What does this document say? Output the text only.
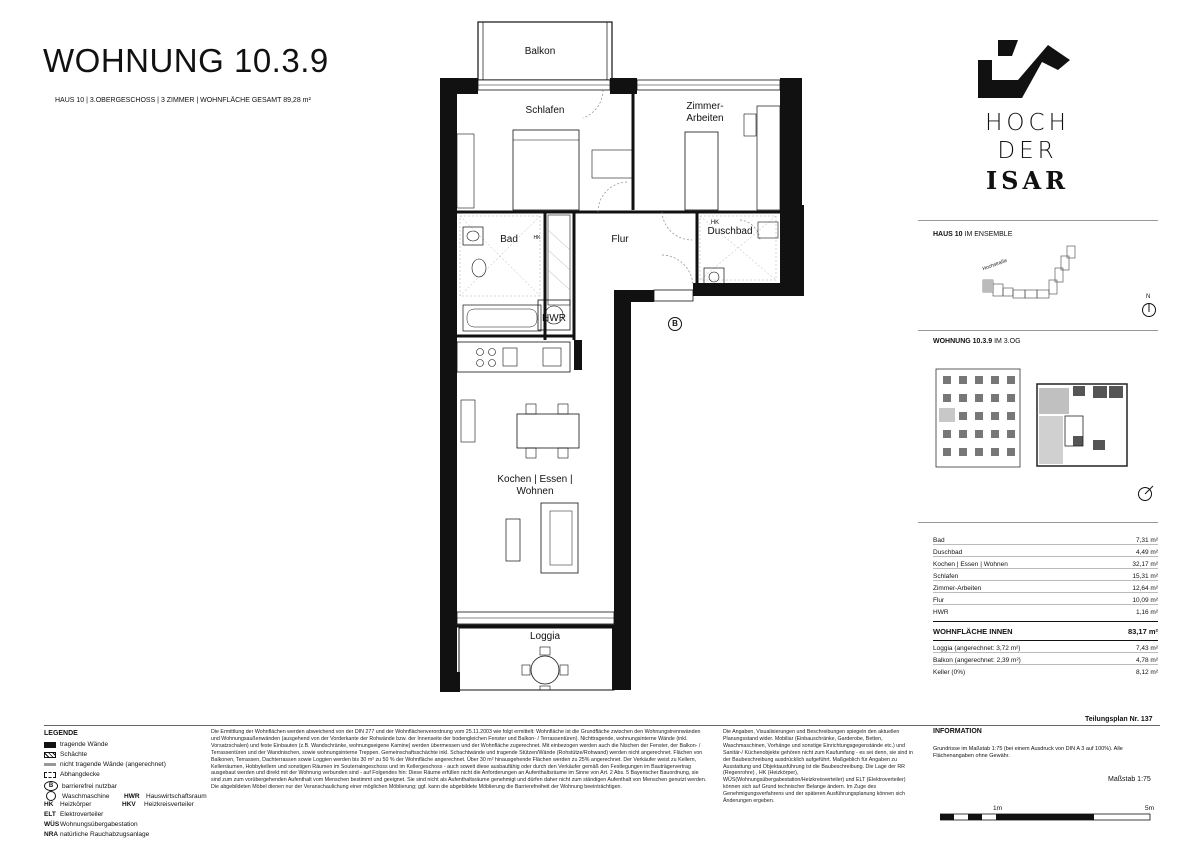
WOHNUNG 10.3.9
HAUS 10 | 3.OBERGESCHOSS | 3 ZIMMER | WOHNFLÄCHE GESAMT 89,28 m²
Balkon
Schlafen	Zimmer-
Arbeiten
Bad	Flur
Duschbad
HWR
HK
HK
B
Kochen | Essen |
Wohnen
Loggia
HOCH
DER
ISAR
HAUS 10 IM ENSEMBLE
Hochstraße
N
WOHNUNG 10.3.9 IM 3.OG
Bad	7,31 m²
Duschbad	4,49 m²
Kochen | Essen | Wohnen	32,17 m²
Schlafen	15,31 m²
Zimmer-Arbeiten	12,64 m²
Flur	10,09 m²
HWR	1,16 m²
WOHNFLÄCHE INNEN	83,17 m²
Loggia (angerechnet: 3,72 m²)	7,43 m²
Balkon (angerechnet: 2,39 m²)	4,78 m²
Keller (0%)	8,12 m²
Teilungsplan Nr. 137
LEGENDE
tragende Wände
Schächte
nicht tragende Wände (angerechnet)
Abhangdecke
B	barrierefrei nutzbar
Waschmaschine	HWR Hauswirtschaftsraum
HK	Heizkörper	HKV	Heizkreisverteiler
ELT Elektroverteiler
WÜS Wohnungsübergabestation
NRA natürliche Rauchabzugsanlage
Die Ermittlung der Wohnflächen werden abweichend von der DIN 277 und der Wohnflächenverordnung vom 25.11.2003 wie folgt ermittelt: Wohnfläche ist die Grundfläche zwischen den Wohnungstrennwänden und Wohnungsaußenwänden (ausgehend von der Vorderkante der Rohwände bzw. der Innenseite der bodengleichen Fenster und Balkon- / Terrassentüren). Nichttragende, wohnungsinterne Wände (inkl. Vorsatzschalen) und feste Einbauten (z.B. Wandschränke, wohnungseigene Kamine) werden übermessen und der Wohnfläche zugerechnet. Mit einbezogen werden auch die Nischen der Fenster, der Balkon- / Terrassentüren und der Wandnischen, sowie wohnungsinterne Treppen. Gemeinschaftsschächte inkl. Schachtwände und tragende Stützen/Wände (Rohstütze/Rohwand) werden nicht angerechnet. Flächen von Balkonen, Terrassen, Dachterrassen sowie Loggien werden bis 30 m² zu 50 % der Wohnfläche angerechnet. Über 30 m² hinausgehende Flächen werden zu 25% angerechnet. Der Verkäufer weist zu Kellern, Kellerräumen, Hobbykellern und sonstigen Räumen im Souterraingeschoss und im Kellergeschoss - auch soweit diese ausbaufähig oder durch den Verkäufer gemäß den Festlegungen im Bauträgervertrag ausgebaut werden und direkt mit der Wohnung verbunden sind - auf Folgendes hin: Diese Räume erfüllen nicht die Anforderungen an Aufenthaltsräume im Sinne von Art. 2 Abs. 5 Bayerischer Bauordnung, sie sind zum zum vorübergehenden Aufenthalt vom Menschen bestimmt und geeignet. Sie sind nicht als Aufenthaltsräume genehmigt und dürfen daher nicht zum ständigen Aufenthalt von Menschen genutzt werden. Die abgebildeten Möbel dienen nur der Veranschaulichung einer möglichen Möblierung; ggf. kann die abgebildete Möblierung die Barrierefreiheit der Wohnung beeinträchtigen.
Die Angaben, Visualisierungen und Beschreibungen spiegeln den aktuellen Planungsstand wider. Mobiliar (Einbauschränke, Garderobe, Betten, Waschmaschinen, Vorhänge und sonstige Einrichtungsgegenstände etc.) und Sanitär-/ Küchenobjekte gehören nicht zum Kaufumfang - es sei denn, sie sind in der Baubeschreibung ausdrücklich aufgeführt. Maßgeblich für Angaben zu Ausstattung und Objektausführung ist die Baubeschreibung. Die Lage der RR (Regenrohre) , HK (Heizkörper), WÜS(Wohnungsübergabestation/Heizkreisverteiler) und ELT (Elektroverteiler) können sich auf Grund technischer Belange ändern. Im Zuge des Genehmigungsverfahrens und der späteren Ausführungsplanung können sich Änderungen ergeben.
INFORMATION
Grundrisse im Maßstab 1:75 (bei einem Ausdruck von DIN A 3 auf 100%). Alle Flächenangaben ohne Gewähr.
Maßstab 1:75
1m	5m
